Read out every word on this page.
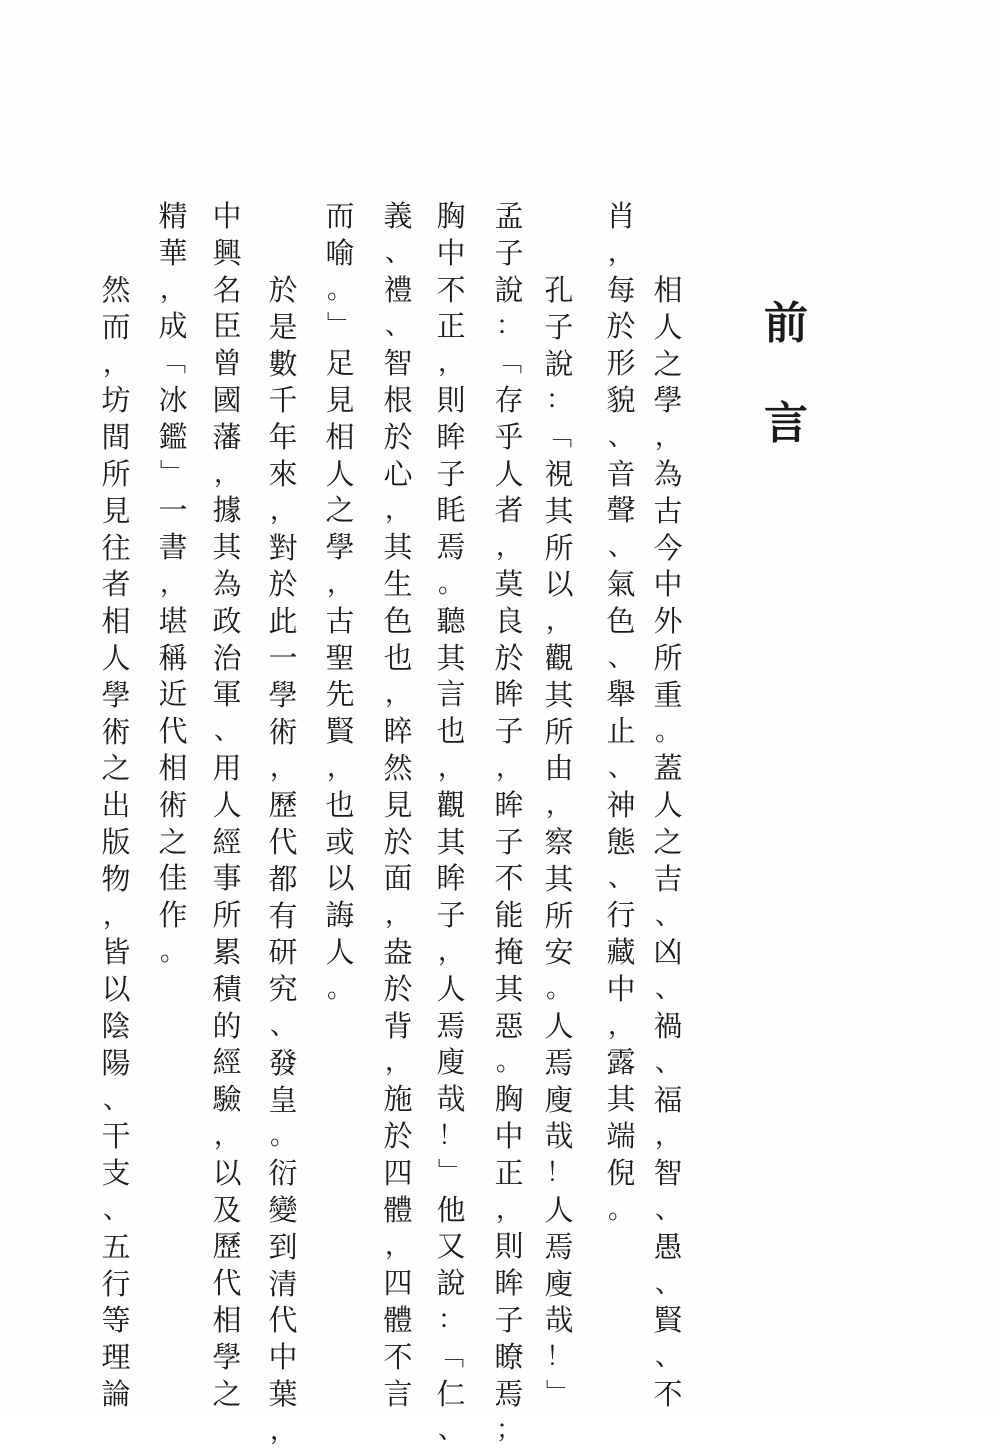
前
言
相
人
之
學
，
為
古
今
中
外
所
重
。
蓋
人
之
吉
、
凶
、
禍
、
福
，
智
、
愚
、
賢
、
不
肖
，
每
於
形
貌
、
音
聲
、
氣
色
、
舉
止
、
神
態
、
行
藏
中
，
露
其
端
倪
。
孔
子
說
：
﹁
視
其
所
以
，
觀
其
所
由
，
察
其
所
安
。
人
焉
廋
哉
！
人
焉
廋
哉
！
﹂
孟
子
說
：
﹁
存
乎
人
者
，
莫
良
於
眸
子
，
眸
子
不
能
掩
其
惡
。
胸
中
正
，
則
眸
子
瞭
焉
；
胸
中
不
正
，
則
眸
子
眊
焉
。
聽
其
言
也
，
觀
其
眸
子
，
人
焉
廋
哉
！
﹂
他
又
說
：
﹁
仁
、
義
、
禮
、
智
根
於
心
，
其
生
色
也
，
睟
然
見
於
面
，
盎
於
背
，
施
於
四
體
，
四
體
不
言
而
喻
。
﹂
足
見
相
人
之
學
，
古
聖
先
賢
，
也
或
以
誨
人
。
於
是
數
千
年
來
，
對
於
此
一
學
術
，
歷
代
都
有
研
究
、
發
皇
。
衍
變
到
清
代
中
葉
，
中
興
名
臣
曾
國
藩
，
據
其
為
政
治
軍
、
用
人
經
事
所
累
積
的
經
驗
，
以
及
歷
代
相
學
之
精
華
，
成
﹁
冰
鑑
﹂
一
書
，
堪
稱
近
代
相
術
之
佳
作
。
然
而
，
坊
間
所
見
往
者
相
人
學
術
之
出
版
物
，
皆
以
陰
陽
、
干
支
、
五
行
等
理
論
